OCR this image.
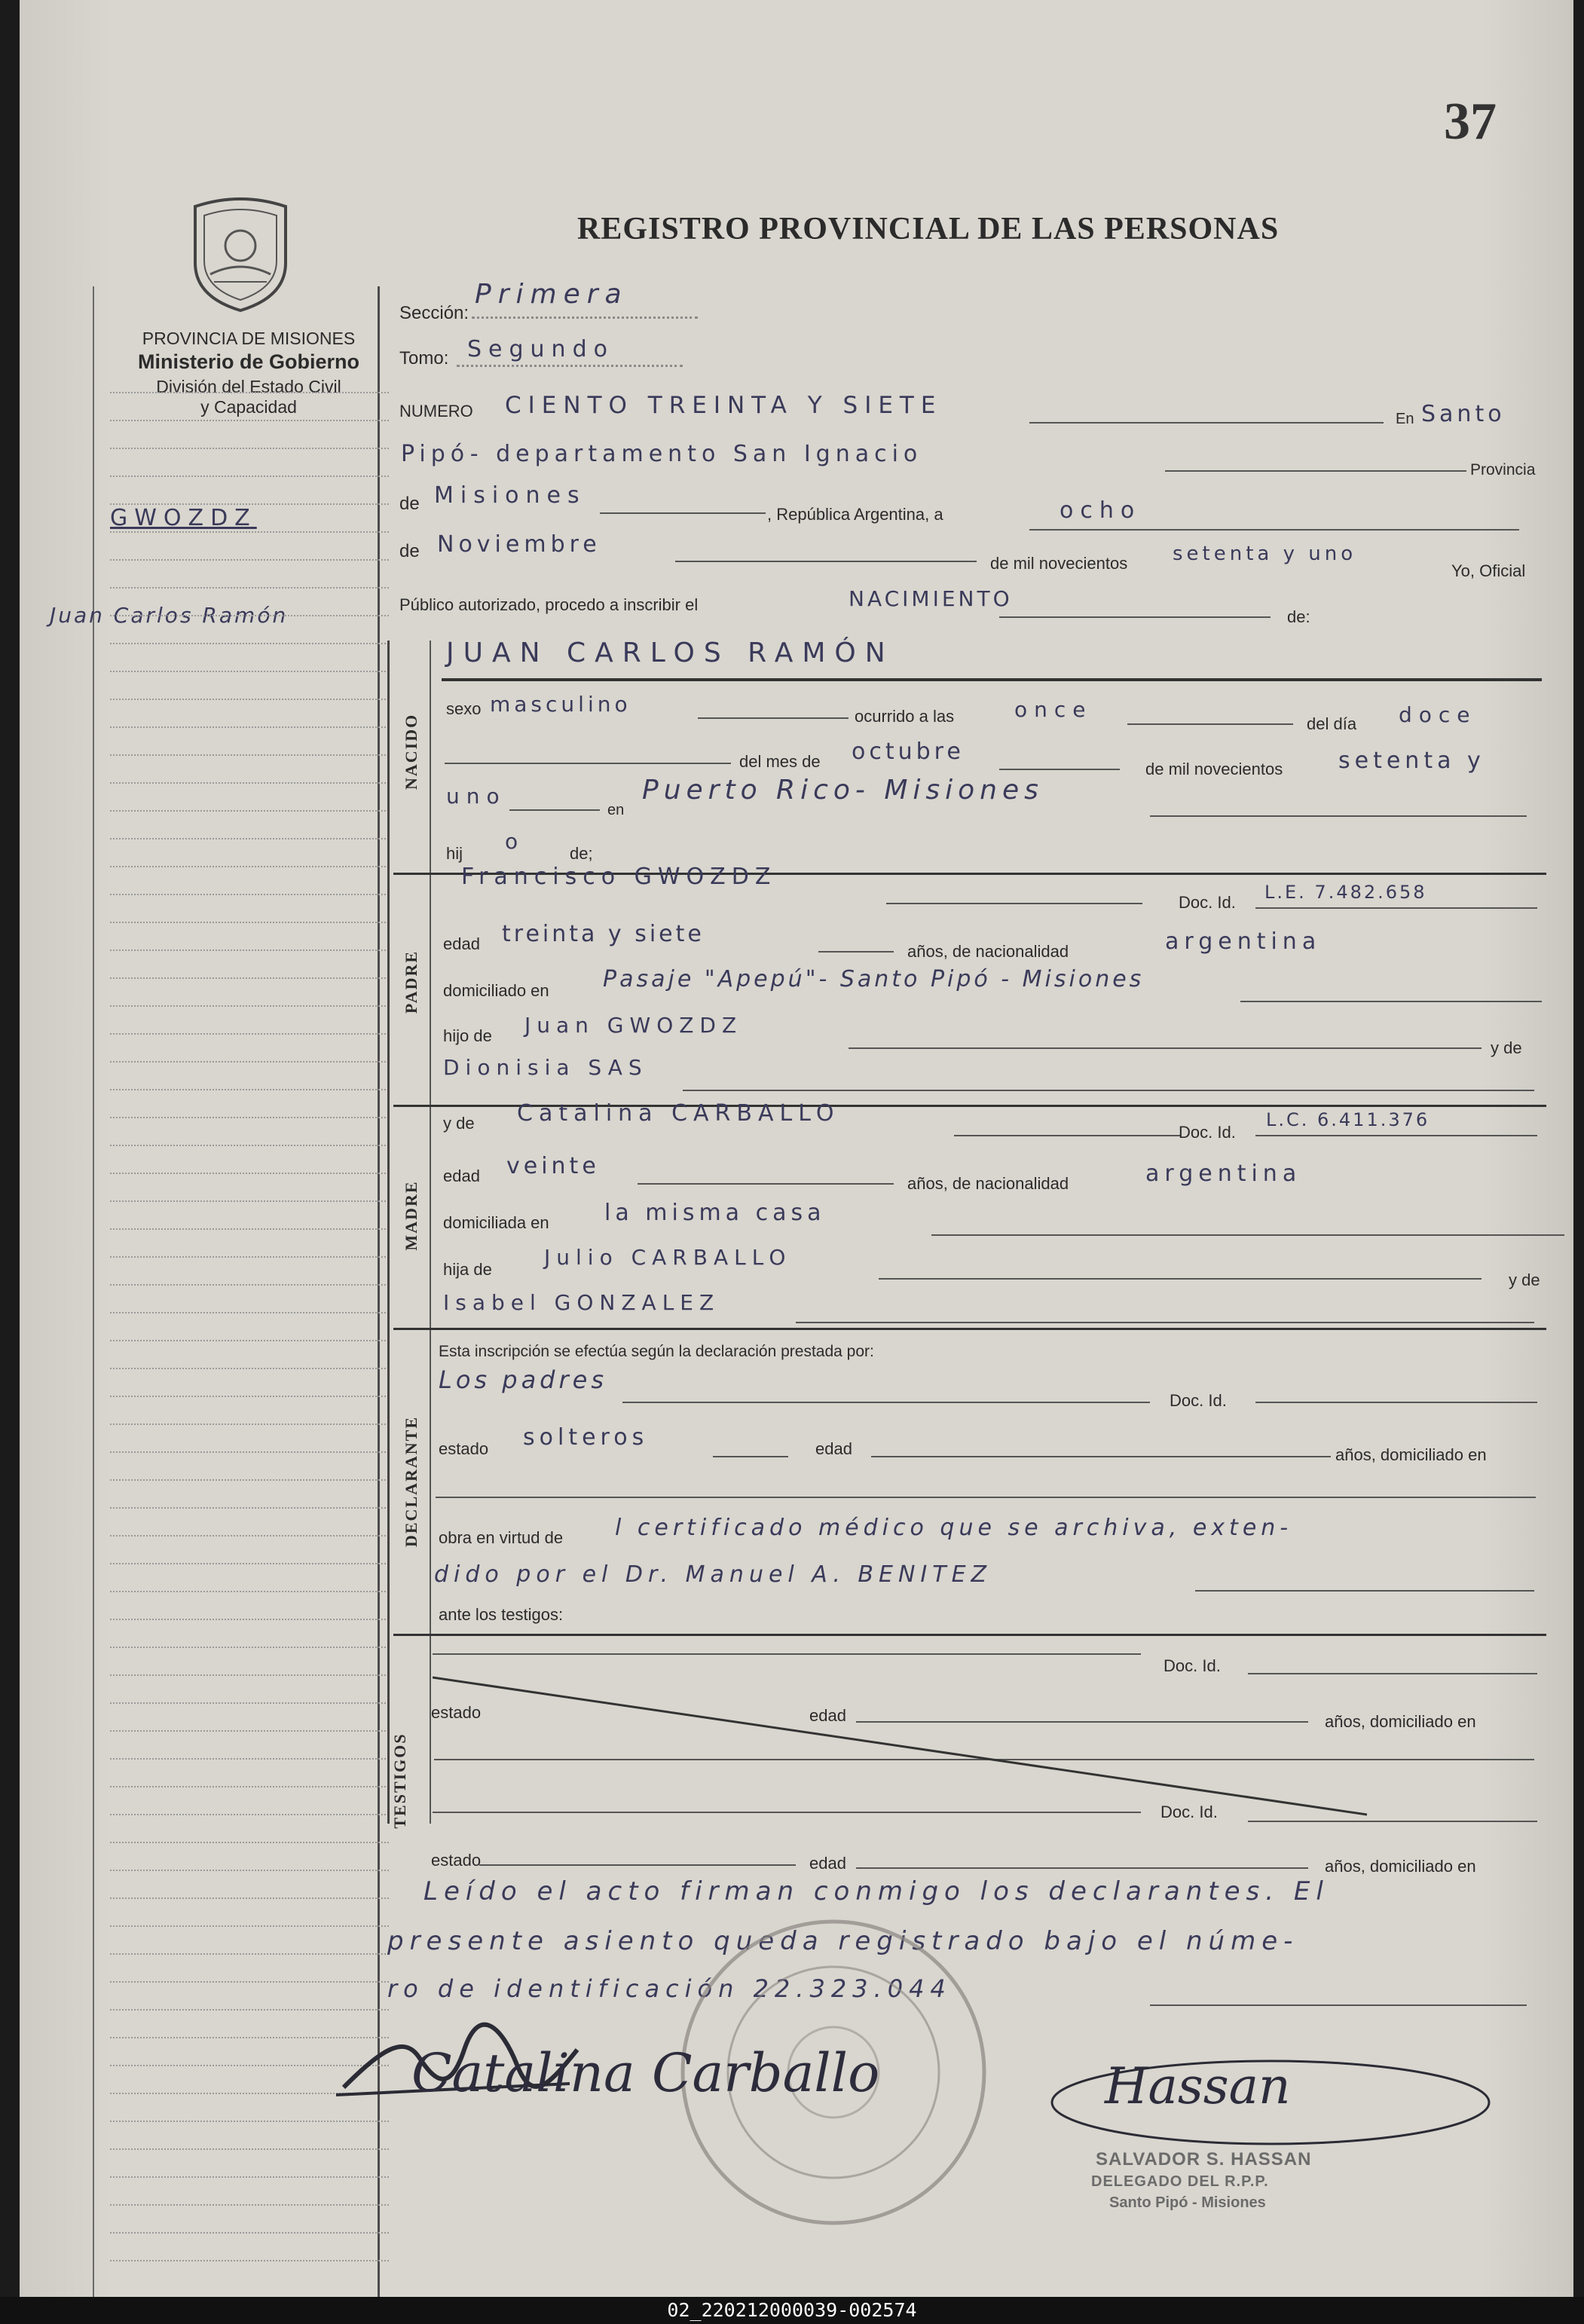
37
PROVINCIA DE MISIONES
Ministerio de Gobierno
División del Estado Civil
y Capacidad
REGISTRO PROVINCIAL DE LAS PERSONAS
GWOZDZ
Juan Carlos Ramón
Sección:
Primera
Tomo: Segundo
NUMERO CIENTO TREINTA Y SIETE	En Santo
Pipó- departamento San Ignacio
Provincia
de Misiones
, República Argentina, a	ocho
de Noviembre
de mil novecientos setenta y uno
Yo, Oficial
Público autorizado, procedo a inscribir el	NACIMIENTO
de:
NACIDO
JUAN CARLOS RAMÓN
sexo masculino	ocurrido a las	once
del día doce
del mes de octubre
de mil novecientos setenta y
uno
en
Puerto Rico- Misiones
hij o	de;
PADRE
Francisco GWOZDZ
Doc. Id. L.E. 7.482.658
edad treinta y siete
años, de nacionalidad	argentina
domiciliado en Pasaje "Apepú"- Santo Pipó - Misiones
hijo de Juan GWOZDZ
y de
Dionisia SAS
MADRE
y de Catalina CARBALLO
Doc. Id.
L.C. 6.411.376
edad veinte
años, de nacionalidad	argentina
domiciliada en la misma casa
hija de Julio CARBALLO
y de
Isabel GONZALEZ
DECLARANTE
Esta inscripción se efectúa según la declaración prestada por:
Los padres
Doc. Id.
estado solteros	edad	años, domiciliado en
obra en virtud de l certificado médico que se archiva, exten-
dido por el Dr. Manuel A. BENITEZ
ante los testigos:
TESTIGOS
Doc. Id.
estado	edad	años, domiciliado en
Doc. Id.
estado	edad	años, domiciliado en
Leído el acto firman conmigo los declarantes. El
presente asiento queda registrado bajo el núme-
ro de identificación 22.323.044
Catalina Carballo	Hassan
SALVADOR S. HASSAN
DELEGADO DEL R.P.P.
Santo Pipó - Misiones
02_220212000039-002574
